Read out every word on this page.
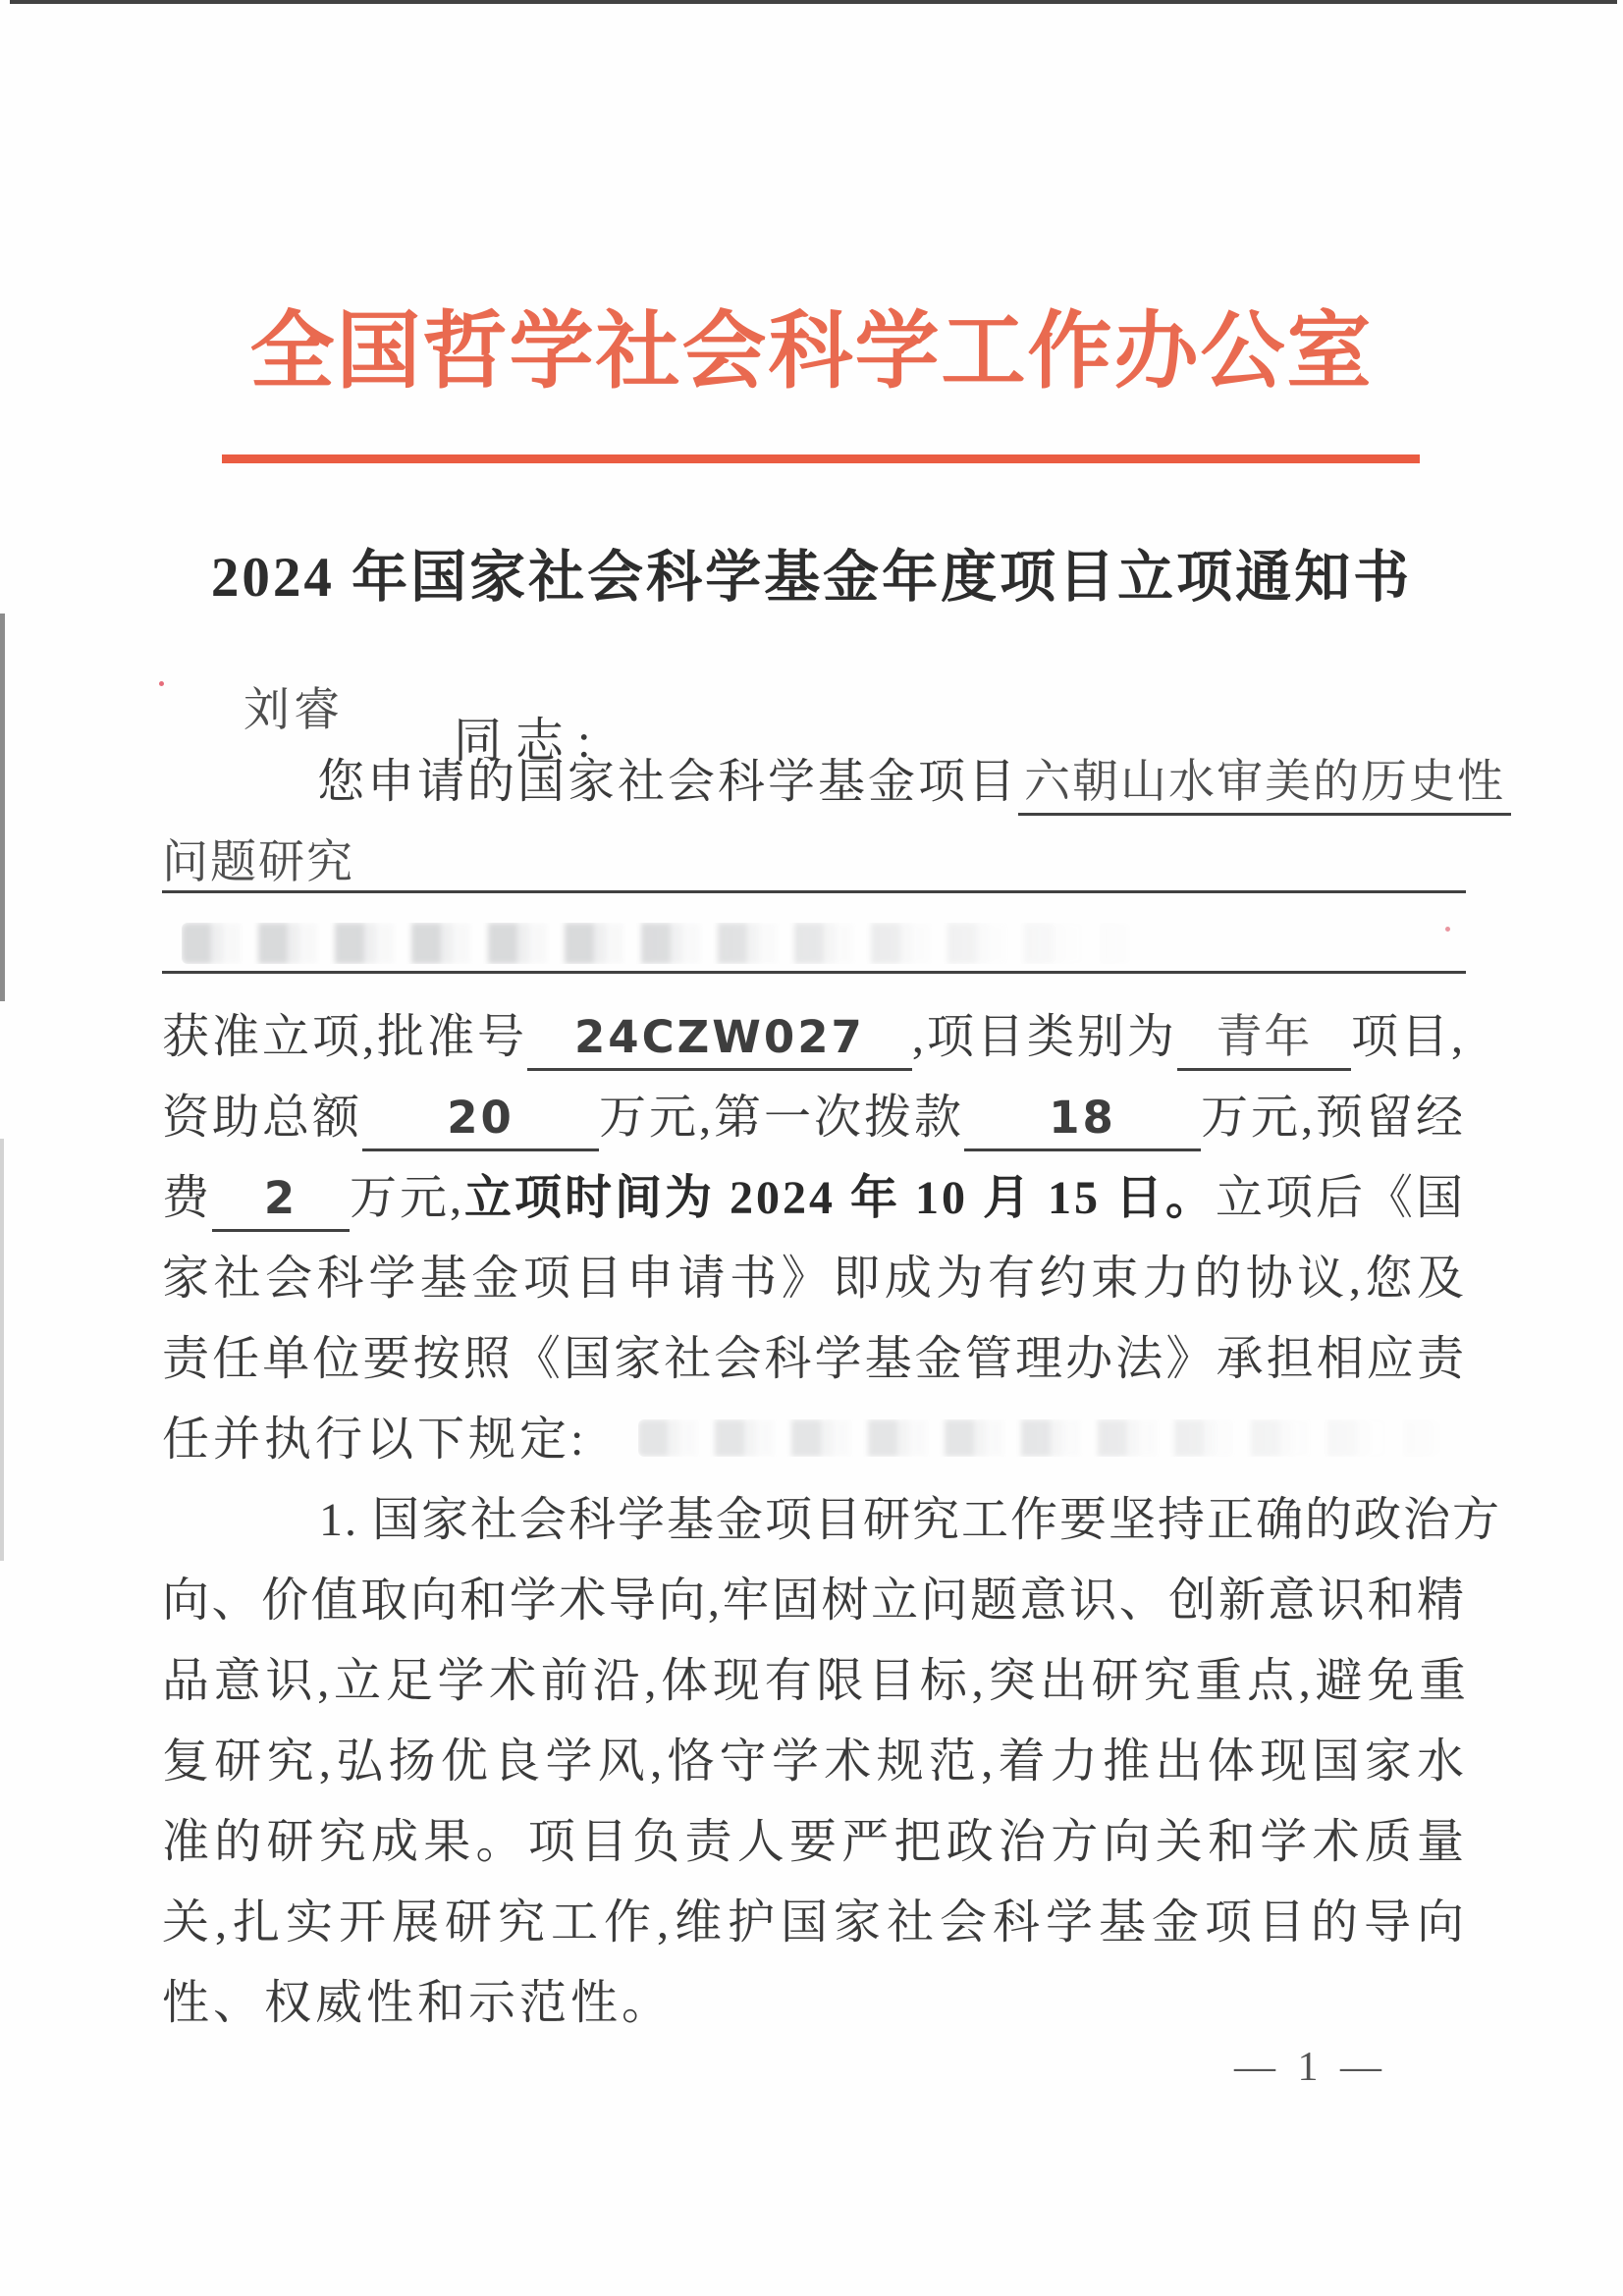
全国哲学社会科学工作办公室
2024 年国家社会科学基金年度项目立项通知书
刘睿
同志:
您申请的国家社会科学基金项目 六朝山水审美的历史性
问题研究
获准立项,批准号	24CZW027 ,项目类别为 青年 项目,
资助总额	20	万元,第一次拨款	18	万元,预留经
费	2	万元, 立项时间为 2024 年 10 月 15 日。 立项后《国
家社会科学基金项目申请书》即成为有约束力的协议,您及
责任单位要按照《国家社会科学基金管理办法》承担相应责
任并执行以下规定:
1. 国家社会科学基金项目研究工作要坚持正确的政治方
向、价值取向和学术导向,牢固树立问题意识、创新意识和精
品意识,立足学术前沿,体现有限目标,突出研究重点,避免重
复研究,弘扬优良学风,恪守学术规范,着力推出体现国家水
准的研究成果。项目负责人要严把政治方向关和学术质量
关,扎实开展研究工作,维护国家社会科学基金项目的导向
性、权威性和示范性。
— 1 —
